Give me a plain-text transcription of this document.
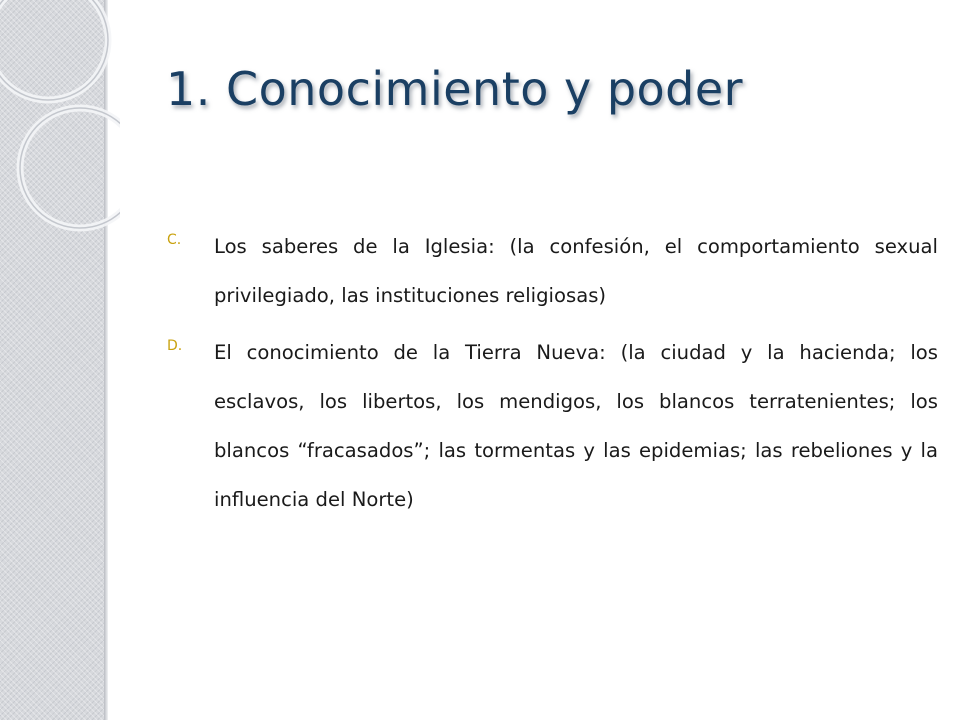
1. Conocimiento y poder
C. Los saberes de la Iglesia: (la confesión, el comportamiento sexual privilegiado, las instituciones religiosas)
D. El conocimiento de la Tierra Nueva: (la ciudad y la hacienda; los esclavos, los libertos, los mendigos, los blancos terratenientes; los blancos “fracasados”; las tormentas y las epidemias; las rebeliones y la influencia del Norte)
